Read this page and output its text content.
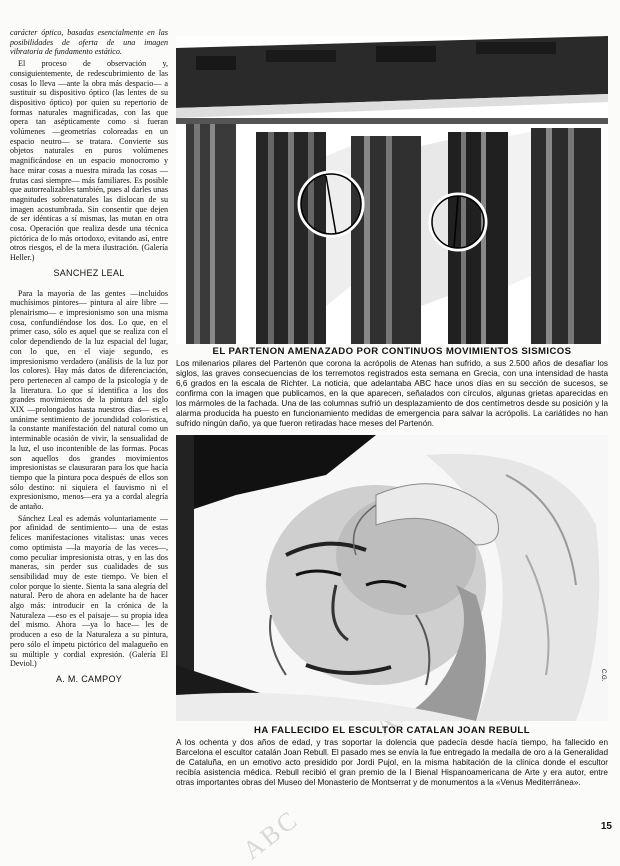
ABC

carácter óptico, basadas esencialmente en las posibilidades de oferta de una imagen vibratoria de fundamento estático.

El proceso de observación y, consiguientemente, de redescubrimiento de las cosas lo lleva —ante la obra más despacio— a sustituir su dispositivo óptico (las lentes de su dispositivo óptico) por quien su repertorio de formas naturales magnificadas, con las que opera tan asépticamente como si fueran volúmenes —geometrías coloreadas en un espacio neutro— se tratara. Convierte sus objetos naturales en puros volúmenes magnificándose en un espacio monocromo y hace mirar cosas a nuestra mirada las cosas —frutas casi siempre— más familiares. Es posible que autorrealizables también, pues al darles unas magnitudes sobrenaturales las dislocan de su imagen acostumbrada. Sin consentir que dejen de ser idénticas a sí mismas, las mutan en otra cosa. Operación que realiza desde una técnica pictórica de lo más ortodoxo, evitando así, entre otros riesgos, el de la mera ilustración. (Galería Heller.)

SANCHEZ LEAL

Para la mayoría de las gentes —incluidos muchísimos pintores— pintura al aire libre —plenairismo— e impresionismo son una misma cosa, confundiéndose los dos. Lo que, en el primer caso, sólo es aquel que se realiza con el color dependiendo de la luz espacial del lugar, con lo que, en el viaje segundo, es impresionismo verdadero (análisis de la luz por los colores). Hay más datos de diferenciación, pero pertenecen al campo de la psicología y de la literatura. Lo que sí identifica a los dos grandes movimientos de la pintura del siglo XIX —prolongados hasta nuestros días— es el unánime sentimiento de jocundidad colorística, la constante manifestación del natural como un interminable ocasión de vivir, la sensualidad de la luz, el uso incontenible de las formas. Pocas son aquellos dos grandes movimientos impresionistas se clausuraran para los que hacía tiempo que la pintura poca después de ellos son sólo destino: ni siquiera el fauvismo ni el expresionismo, menos—era ya a cordal alegría de antaño.

Sánchez Leal es además voluntariamente —por afinidad de sentimiento— una de estas felices manifestaciones vitalistas: unas veces como optimista —la mayoría de las veces—, como peculiar impresionista otras, y en las dos maneras, sin perder sus cualidades de sus sensibilidad muy de este tiempo. Ve bien el color porque lo siente. Sienta la sana alegría del natural. Pero de ahora en adelante ha de hacer algo más: introducir en la crónica de la Naturaleza —eso es el paisaje— su propia idea del mismo. Ahora —ya lo hace— les de producen a eso de la Naturaleza a su pintura, pero sólo el ímpetu pictórico del malagueño en su múltiple y cordial expresión. (Galería El Deviol.)

A. M. CAMPOY

EL PARTENON AMENAZADO POR CONTINUOS MOVIMIENTOS SISMICOS

Los milenarios pilares del Partenón que corona la acrópolis de Atenas han sufrido, a sus 2.500 años de desafiar los siglos, las graves consecuencias de los terremotos registrados esta semana en Grecia, con una intensidad de hasta 6,6 grados en la escala de Richter. La noticia, que adelantaba ABC hace unos días en su sección de sucesos, se confirma con la imagen que publicamos, en la que aparecen, señalados con círculos, algunas grietas aparecidas en los mármoles de la fachada. Una de las columnas sufrió un desplazamiento de dos centímetros desde su posición y la alarma producida ha puesto en funcionamiento medidas de emergencia para salvar la acrópolis. La cariátides no han sufrido ningún daño, ya que fueron retiradas hace meses del Partenón.

C.G.
HA FALLECIDO EL ESCULTOR CATALAN JOAN REBULL

A los ochenta y dos años de edad, y tras soportar la dolencia que padecía desde hacía tiempo, ha fallecido en Barcelona el escultor catalán Joan Rebull. El pasado mes se envía la fue entregado la medalla de oro a la Generalidad de Cataluña, en un emotivo acto presidido por Jordi Pujol, en la misma habitación de la clínica donde el escultor recibía asistencia médica. Rebull recibió el gran premio de la I Bienal Hispanoamericana de Arte y era autor, entre otras importantes obras del Museo del Monasterio de Montserrat y de monumentos a la «Venus Mediterránea».

15
